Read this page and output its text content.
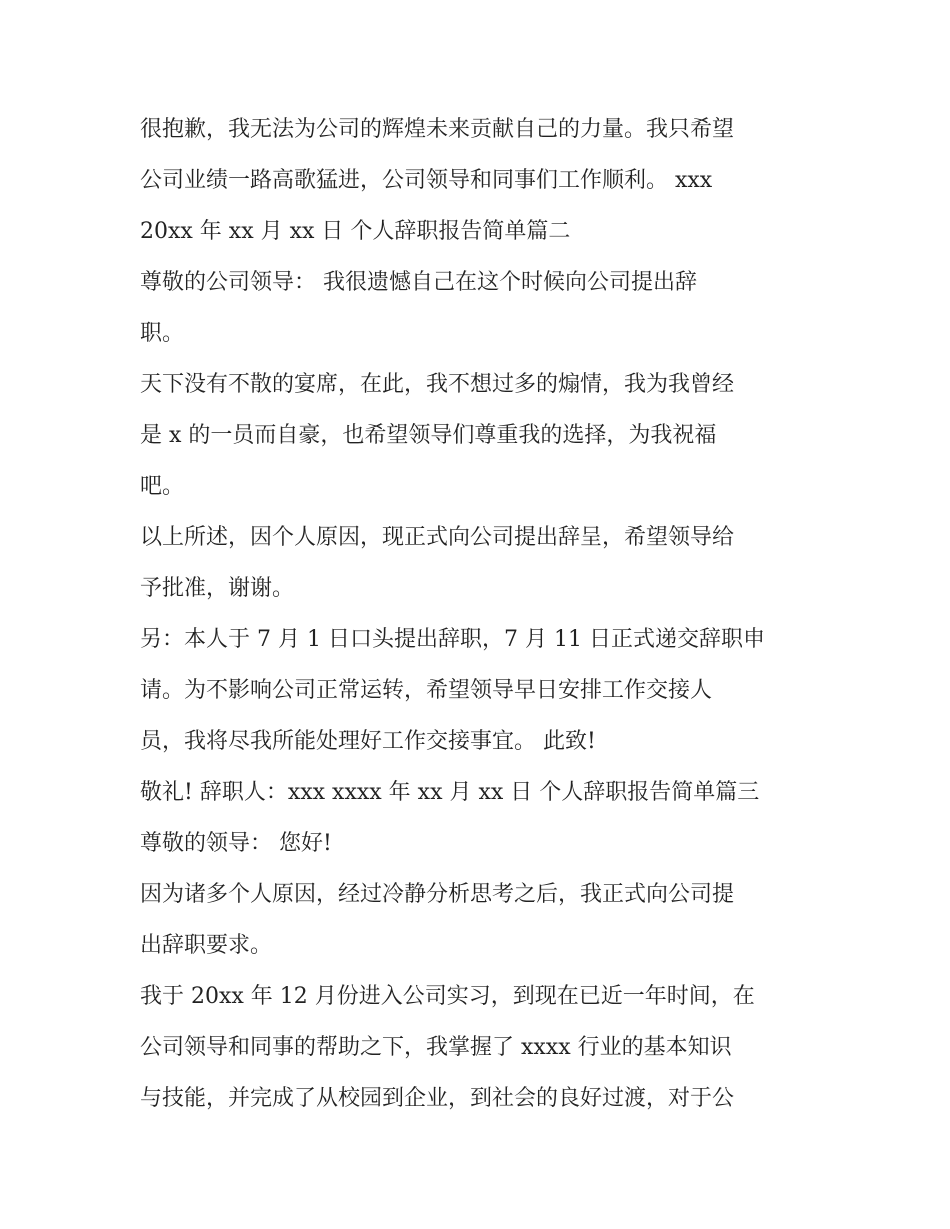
很抱歉，我无法为公司的辉煌未来贡献自己的力量。我只希望
公司业绩一路高歌猛进，公司领导和同事们工作顺利。 xxx
20xx 年 xx 月 xx 日 个人辞职报告简单篇二
尊敬的公司领导： 我很遗憾自己在这个时候向公司提出辞
职。
天下没有不散的宴席，在此，我不想过多的煽情，我为我曾经
是 x 的一员而自豪，也希望领导们尊重我的选择，为我祝福
吧。
以上所述，因个人原因，现正式向公司提出辞呈，希望领导给
予批准，谢谢。
另：本人于 7 月 1 日口头提出辞职，7 月 11 日正式递交辞职申
请。为不影响公司正常运转，希望领导早日安排工作交接人
员，我将尽我所能处理好工作交接事宜。 此致!
敬礼! 辞职人：xxx xxxx 年 xx 月 xx 日 个人辞职报告简单篇三
尊敬的领导： 您好!
因为诸多个人原因，经过冷静分析思考之后，我正式向公司提
出辞职要求。
我于 20xx 年 12 月份进入公司实习，到现在已近一年时间，在
公司领导和同事的帮助之下，我掌握了 xxxx 行业的基本知识
与技能，并完成了从校园到企业，到社会的良好过渡，对于公
